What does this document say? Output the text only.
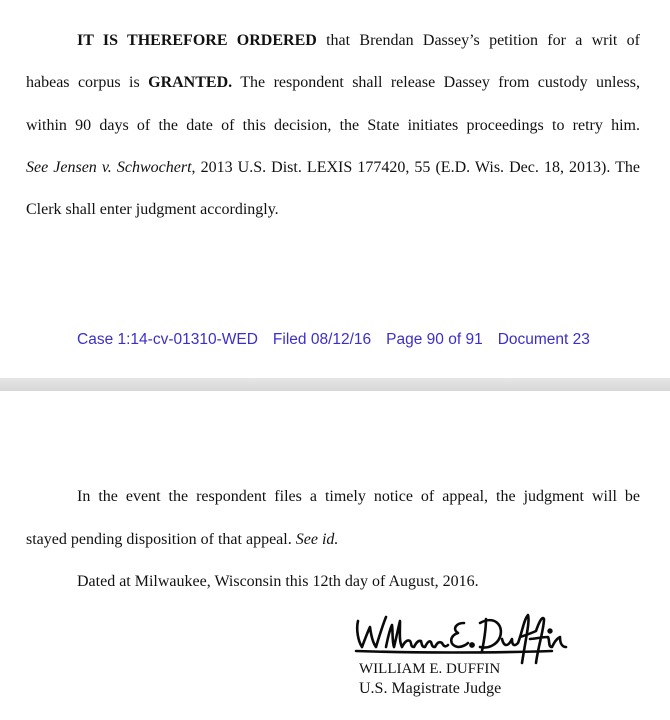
IT IS THEREFORE ORDERED that Brendan Dassey’s petition for a writ of

habeas corpus is GRANTED. The respondent shall release Dassey from custody unless,

within 90 days of the date of this decision, the State initiates proceedings to retry him.

See Jensen v. Schwochert, 2013 U.S. Dist. LEXIS 177420, 55 (E.D. Wis. Dec. 18, 2013). The

Clerk shall enter judgment accordingly.

Case 1:14-cv-01310-WED Filed 08/12/16 Page 90 of 91 Document 23

In the event the respondent files a timely notice of appeal, the judgment will be

stayed pending disposition of that appeal. See id.

Dated at Milwaukee, Wisconsin this 12th day of August, 2016.

WILLIAM E. DUFFIN
U.S. Magistrate Judge
